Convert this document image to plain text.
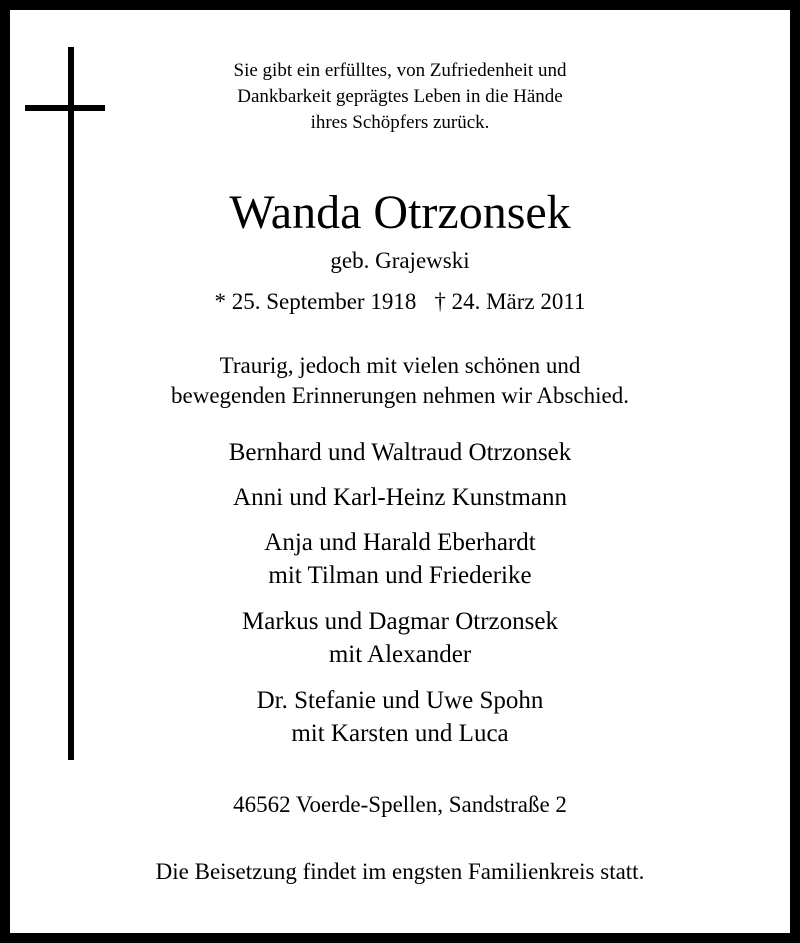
Sie gibt ein erfülltes, von Zufriedenheit und
Dankbarkeit geprägtes Leben in die Hände
ihres Schöpfers zurück.
Wanda Otrzonsek
geb. Grajewski
* 25. September 1918 † 24. März 2011
Traurig, jedoch mit vielen schönen und
bewegenden Erinnerungen nehmen wir Abschied.
Bernhard und Waltraud Otrzonsek
Anni und Karl-Heinz Kunstmann
Anja und Harald Eberhardt
mit Tilman und Friederike
Markus und Dagmar Otrzonsek
mit Alexander
Dr. Stefanie und Uwe Spohn
mit Karsten und Luca
46562 Voerde-Spellen, Sandstraße 2
Die Beisetzung findet im engsten Familienkreis statt.
